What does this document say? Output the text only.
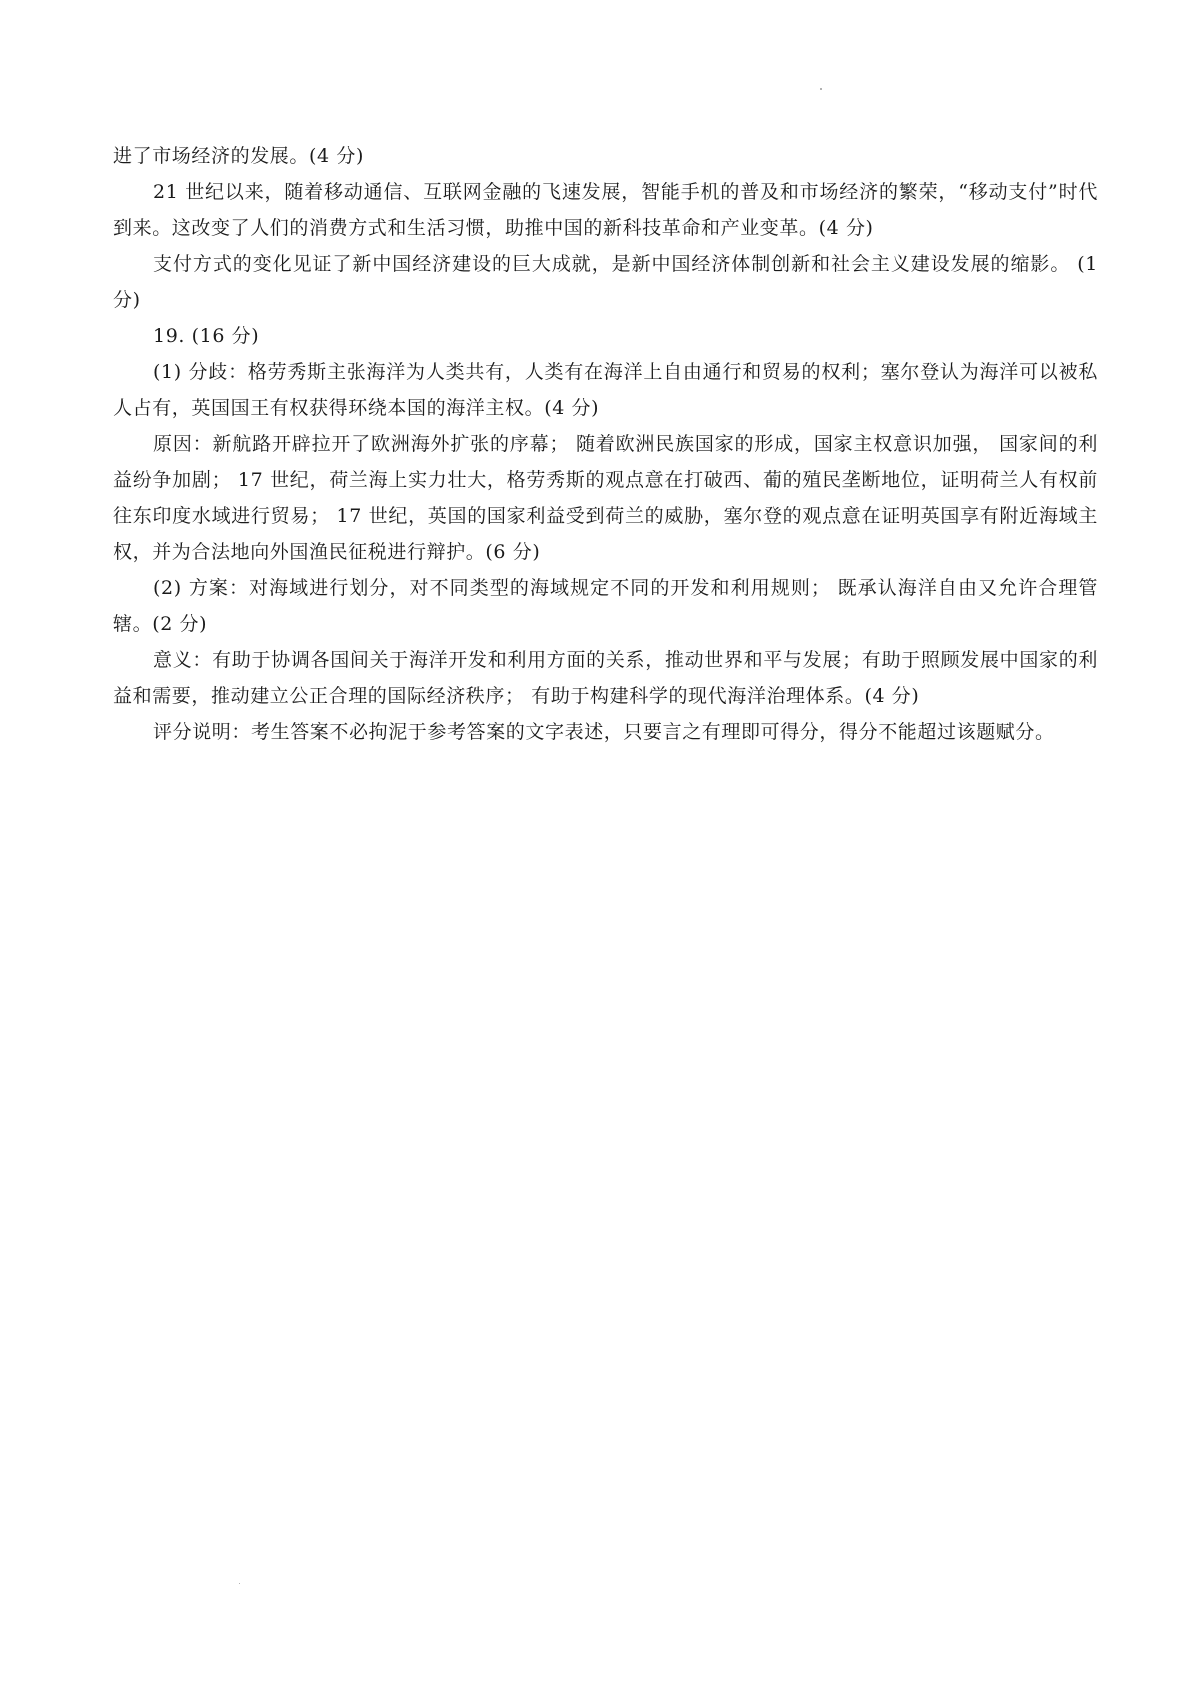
进了市场经济的发展。(4 分)

21 世纪以来，随着移动通信、互联网金融的飞速发展，智能手机的普及和市场经济的繁荣，“移动支付”时代到来。这改变了人们的消费方式和生活习惯，助推中国的新科技革命和产业变革。(4 分)

支付方式的变化见证了新中国经济建设的巨大成就，是新中国经济体制创新和社会主义建设发展的缩影。 (1 分)

19. (16 分)

(1) 分歧：格劳秀斯主张海洋为人类共有，人类有在海洋上自由通行和贸易的权利；塞尔登认为海洋可以被私人占有，英国国王有权获得环绕本国的海洋主权。(4 分)

原因：新航路开辟拉开了欧洲海外扩张的序幕； 随着欧洲民族国家的形成，国家主权意识加强， 国家间的利益纷争加剧； 17 世纪，荷兰海上实力壮大，格劳秀斯的观点意在打破西、葡的殖民垄断地位，证明荷兰人有权前往东印度水域进行贸易； 17 世纪，英国的国家利益受到荷兰的威胁，塞尔登的观点意在证明英国享有附近海域主权，并为合法地向外国渔民征税进行辩护。(6 分)

(2) 方案：对海域进行划分，对不同类型的海域规定不同的开发和利用规则； 既承认海洋自由又允许合理管辖。(2 分)

意义：有助于协调各国间关于海洋开发和利用方面的关系，推动世界和平与发展；有助于照顾发展中国家的利益和需要，推动建立公正合理的国际经济秩序； 有助于构建科学的现代海洋治理体系。(4 分)

评分说明：考生答案不必拘泥于参考答案的文字表述，只要言之有理即可得分，得分不能超过该题赋分。
